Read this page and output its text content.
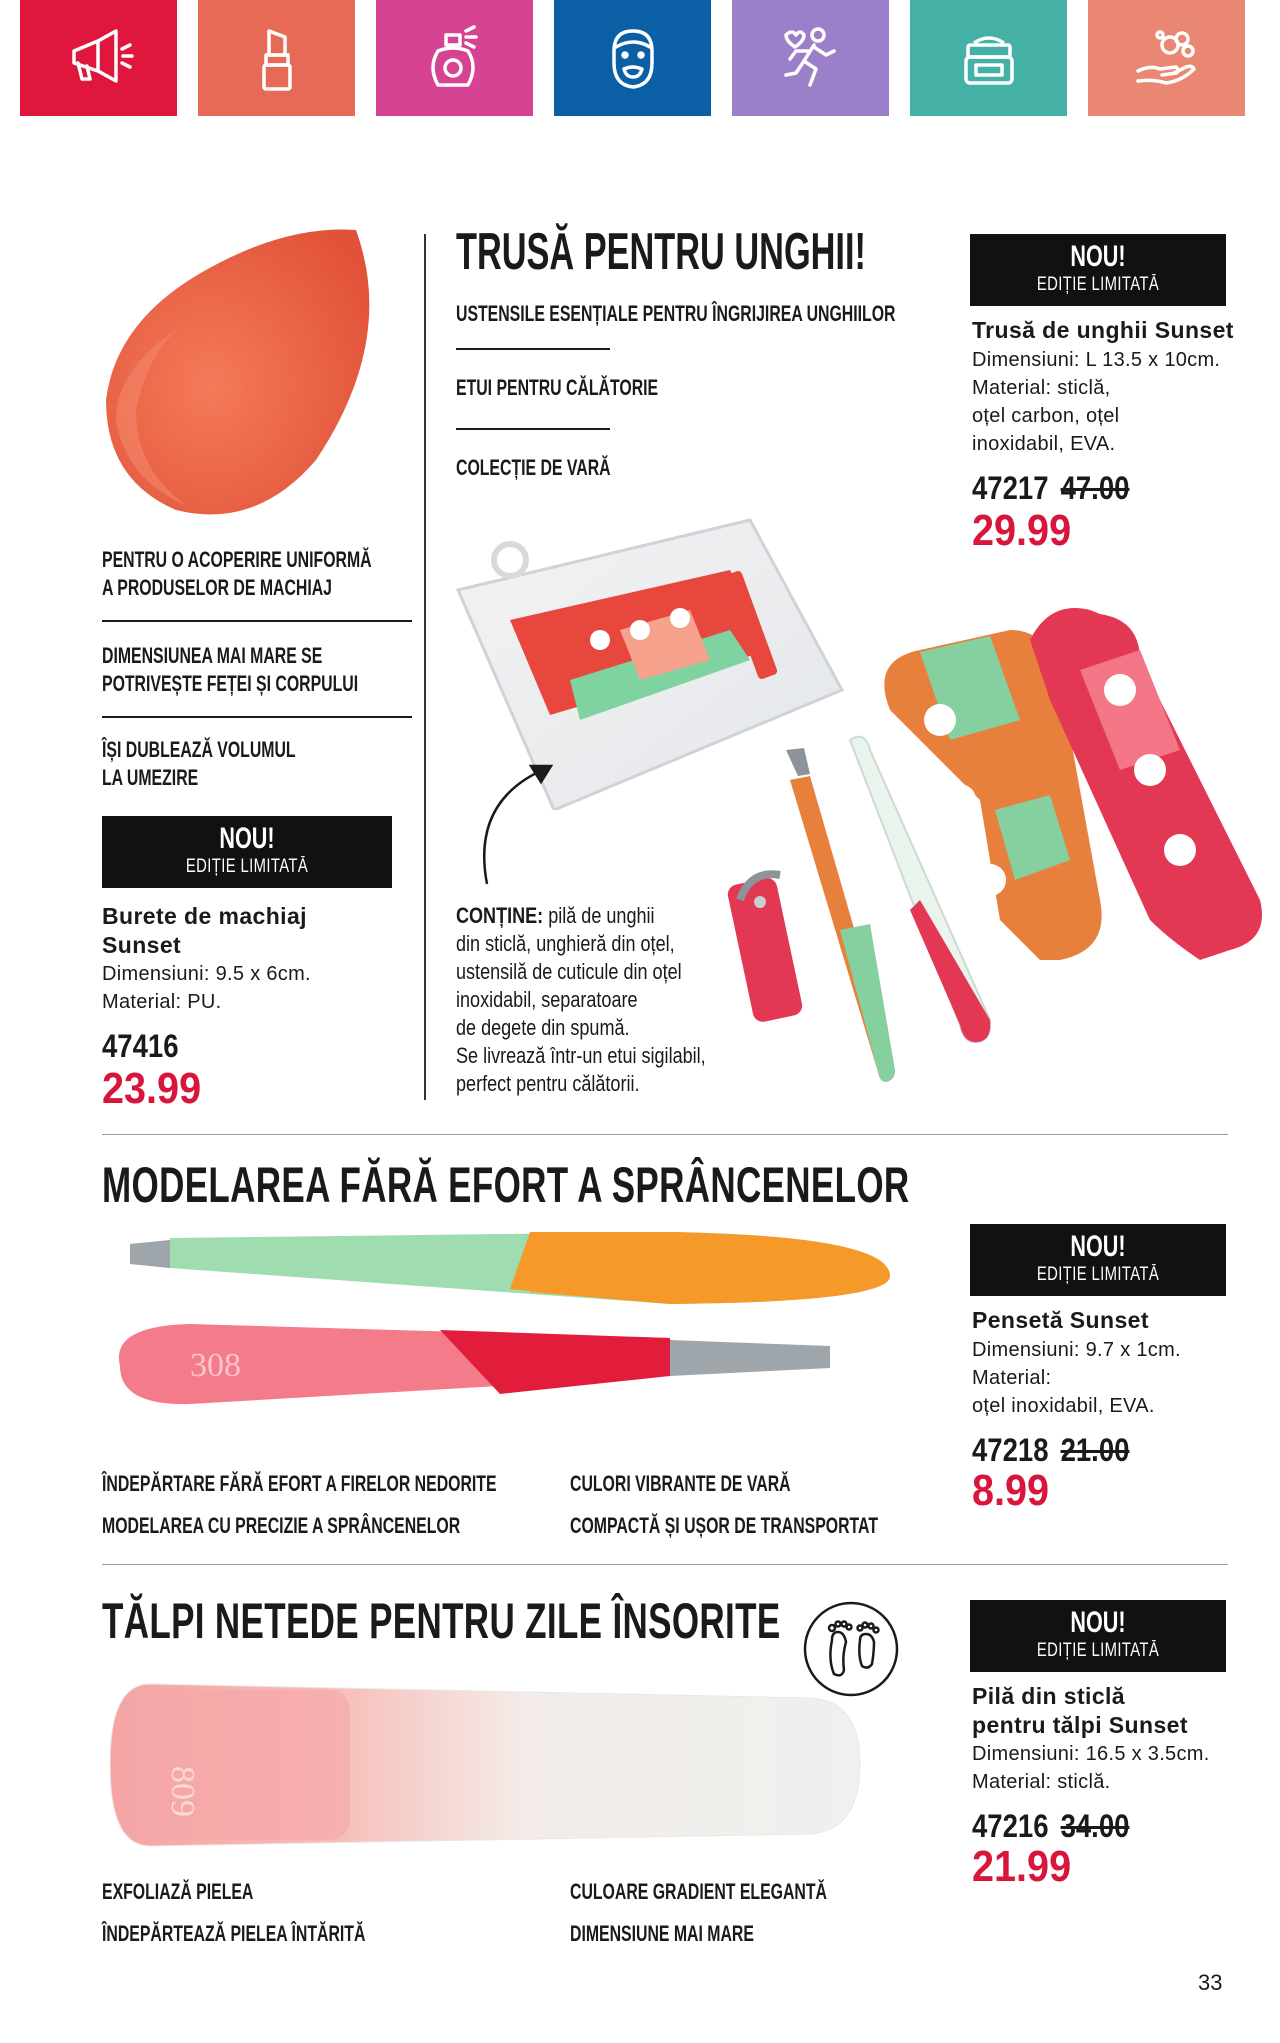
TRUSĂ PENTRU UNGHII!
USTENSILE ESENȚIALE PENTRU ÎNGRIJIREA UNGHIILOR
ETUI PENTRU CĂLĂTORIE
COLECȚIE DE VARĂ
CONȚINE: pilă de unghii
din sticlă, unghieră din oțel,
ustensilă de cuticule din oțel
inoxidabil, separatoare
de degete din spumă.
Se livrează într-un etui sigilabil,
perfect pentru călătorii.
NOU!
EDIȚIE LIMITATĂ
Trusă de unghii Sunset
Dimensiuni: L 13.5 x 10cm.
Material: sticlă,
oțel carbon, oțel
inoxidabil, EVA.
47217 47.00
29.99
PENTRU O ACOPERIRE UNIFORMĂ
A PRODUSELOR DE MACHIAJ
DIMENSIUNEA MAI MARE SE
POTRIVEȘTE FEȚEI ȘI CORPULUI
ÎȘI DUBLEAZĂ VOLUMUL
LA UMEZIRE
NOU!
EDIȚIE LIMITATĂ
Burete de machiaj
Sunset
Dimensiuni: 9.5 x 6cm.
Material: PU.
47416
23.99
MODELAREA FĂRĂ EFORT A SPRÂNCENELOR
308
ÎNDEPĂRTARE FĂRĂ EFORT A FIRELOR NEDORITE
MODELAREA CU PRECIZIE A SPRÂNCENELOR
CULORI VIBRANTE DE VARĂ
COMPACTĂ ȘI UȘOR DE TRANSPORTAT
NOU!
EDIȚIE LIMITATĂ
Pensetă Sunset
Dimensiuni: 9.7 x 1cm.
Material:
oțel inoxidabil, EVA.
47218 21.00
8.99
TĂLPI NETEDE PENTRU ZILE ÎNSORITE
809
EXFOLIAZĂ PIELEA
ÎNDEPĂRTEAZĂ PIELEA ÎNTĂRITĂ
CULOARE GRADIENT ELEGANTĂ
DIMENSIUNE MAI MARE
NOU!
EDIȚIE LIMITATĂ
Pilă din sticlă
pentru tălpi Sunset
Dimensiuni: 16.5 x 3.5cm.
Material: sticlă.
47216 34.00
21.99
33
